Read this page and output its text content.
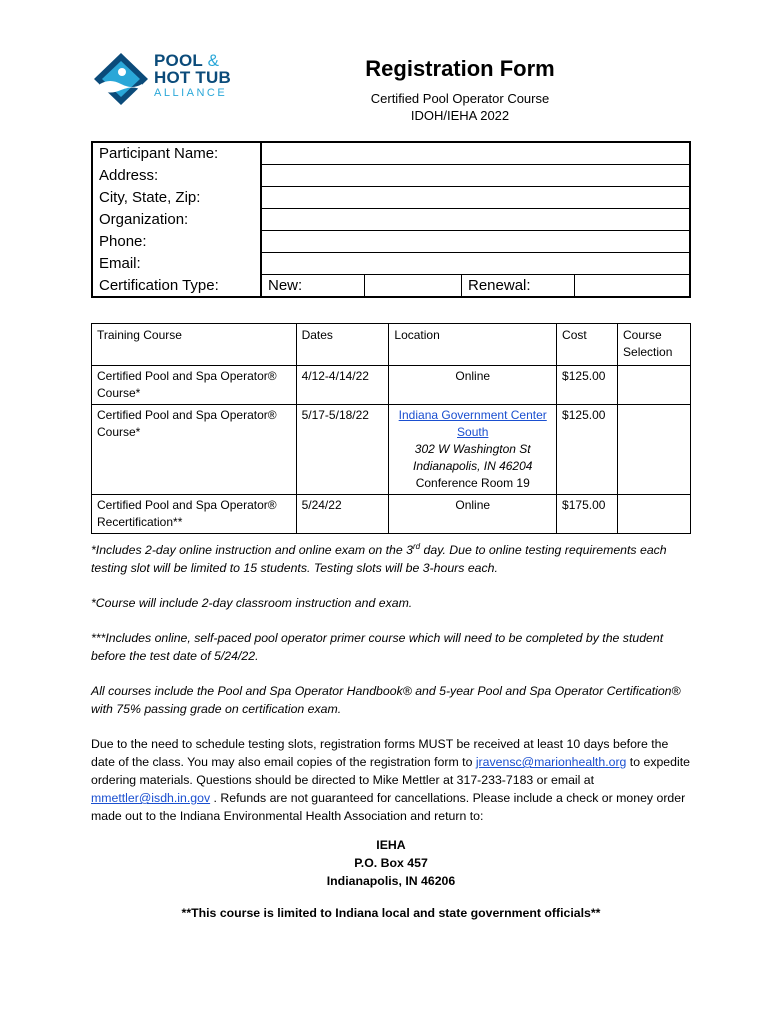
POOL &
HOT TUB
ALLIANCE
Registration Form
Certified Pool Operator Course
IDOH/IEHA 2022
Participant Name:				
Address:				
City, State, Zip:				
Organization:				
Phone:				
Email:				
Certification Type:	New:		Renewal:	
Training Course	Dates	Location	Cost	Course Selection
Certified Pool and Spa Operator® Course*	4/12-4/14/22	Online	$125.00	
Certified Pool and Spa Operator® Course*	5/17-5/18/22	Indiana Government Center South
302 W Washington St
Indianapolis, IN 46204
Conference Room 19	$125.00	
Certified Pool and Spa Operator® Recertification**	5/24/22	Online	$175.00	

*Includes 2-day online instruction and online exam on the 3rd day. Due to online testing requirements each testing slot will be limited to 15 students. Testing slots will be 3-hours each.

*Course will include 2-day classroom instruction and exam.

***Includes online, self-paced pool operator primer course which will need to be completed by the student before the test date of 5/24/22.

All courses include the Pool and Spa Operator Handbook® and 5-year Pool and Spa Operator Certification® with 75% passing grade on certification exam.

Due to the need to schedule testing slots, registration forms MUST be received at least 10 days before the date of the class. You may also email copies of the registration form to jravensc@marionhealth.org to expedite ordering materials. Questions should be directed to Mike Mettler at 317-233-7183 or email at mmettler@isdh.in.gov . Refunds are not guaranteed for cancellations. Please include a check or money order made out to the Indiana Environmental Health Association and return to:

IEHA
P.O. Box 457
Indianapolis, IN 46206
**This course is limited to Indiana local and state government officials**
